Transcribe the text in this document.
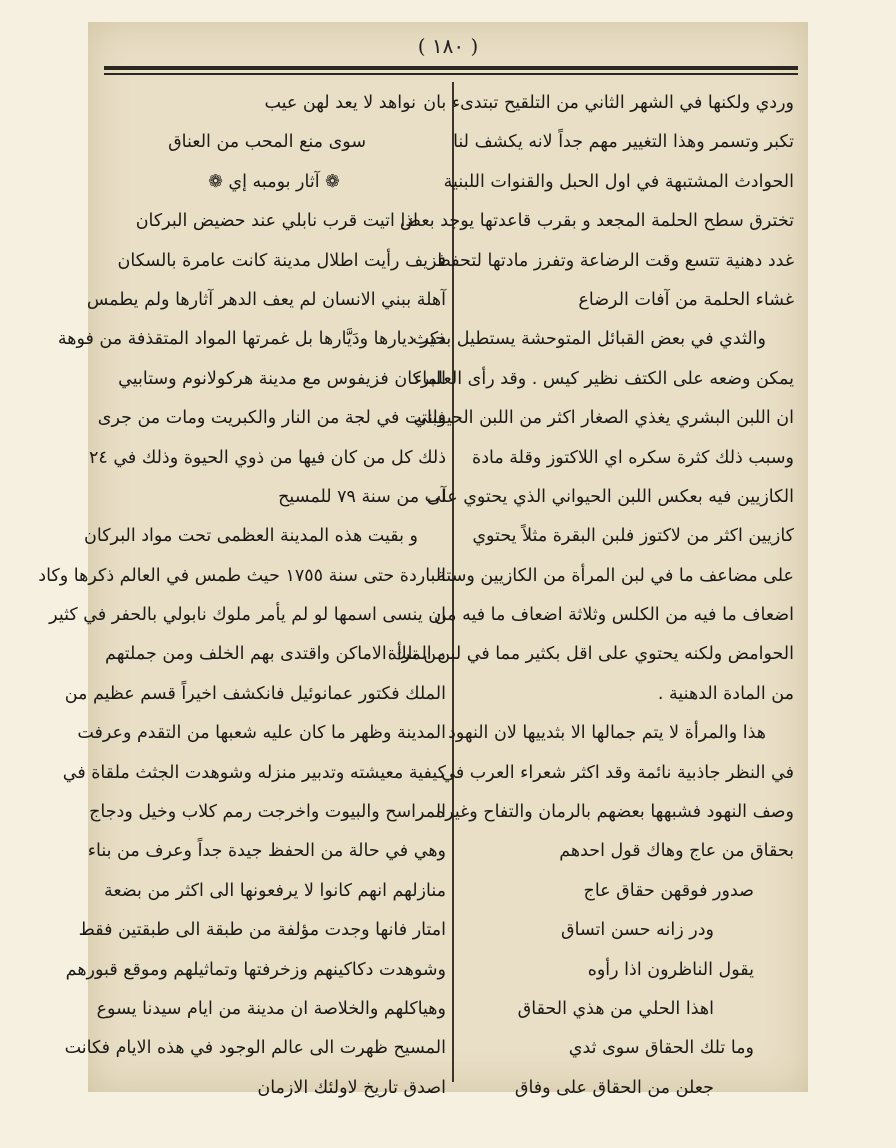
( ١٨٠ )
وردي ولكنها في الشهر الثاني من التلقيح تبتدىء بان
تكبر وتسمر وهذا التغيير مهم جداً لانه يكشف لنا
الحوادث المشتبهة في اول الحبل والقنوات اللبنية
تخترق سطح الحلمة المجعد و بقرب قاعدتها يوجد بعض
غدد دهنية تتسع وقت الرضاعة وتفرز مادتها لتحفظ
غشاء الحلمة من آفات الرضاع
والثدي في بعض القبائل المتوحشة يستطيل بحيث
يمكن وضعه على الكتف نظير كيس . وقد رأى العلماء
ان اللبن البشري يغذي الصغار اكثر من اللبن الحيواني
وسبب ذلك كثرة سكره اي اللاكتوز وقلة مادة
الكازيين فيه بعكس اللبن الحيواني الذي يحتوي على
كازيين اكثر من لاكتوز فلبن البقرة مثلاً يحتوي
على مضاعف ما في لبن المرأة من الكازيين وستة
اضعاف ما فيه من الكلس وثلاثة اضعاف ما فيه من
الحوامض ولكنه يحتوي على اقل بكثير مما في لبن المرأة
من المادة الدهنية .
هذا والمرأة لا يتم جمالها الا بثدييها لان النهود
في النظر جاذبية نائمة وقد اكثر شعراء العرب في
وصف النهود فشبهها بعضهم بالرمان والتفاح وغيره
بحقاق من عاج وهاك قول احدهم
صدور فوقهن حقاق عاج
ودر زانه حسن اتساق
يقول الناظرون اذا رأوه
اهذا الحلي من هذي الحقاق
وما تلك الحقاق سوى ثدي
جعلن من الحقاق على وفاق
نواهد لا يعد لهن عيب
سوى منع المحب من العناق
❁ آثار بومبه إي ❁
اذا اتيت قرب نابلي عند حضيض البركان
فزيف رأيت اطلال مدينة كانت عامرة بالسكان
آهلة ببني الانسان لم يعف الدهر آثارها ولم يطمس
ذكر ديارها ودَيَّارها بل غمرتها المواد المتقذفة من فوهة
البركان فزيفوس مع مدينة هركولانوم وستابيي
فباتت في لجة من النار والكبريت ومات من جرى
ذلك كل من كان فيها من ذوي الحيوة وذلك في ٢٤
آب من سنة ٧٩ للمسيح
و بقيت هذه المدينة العظمى تحت مواد البركان
الباردة حتى سنة ١٧٥٥ حيث طمس في العالم ذكرها وكاد
ان ينسى اسمها لو لم يأمر ملوك نابولي بالحفر في كثير
من تلك الاماكن واقتدى بهم الخلف ومن جملتهم
الملك فكتور عمانوئيل فانكشف اخيراً قسم عظيم من
المدينة وظهر ما كان عليه شعبها من التقدم وعرفت
كيفية معيشته وتدبير منزله وشوهدت الجثث ملقاة في
المراسح والبيوت واخرجت رمم كلاب وخيل ودجاج
وهي في حالة من الحفظ جيدة جداً وعرف من بناء
منازلهم انهم كانوا لا يرفعونها الى اكثر من بضعة
امتار فانها وجدت مؤلفة من طبقة الى طبقتين فقط
وشوهدت دكاكينهم وزخرفتها وتماثيلهم وموقع قبورهم
وهياكلهم والخلاصة ان مدينة من ايام سيدنا يسوع
المسيح ظهرت الى عالم الوجود في هذه الايام فكانت
اصدق تاريخ لاولئك الازمان
